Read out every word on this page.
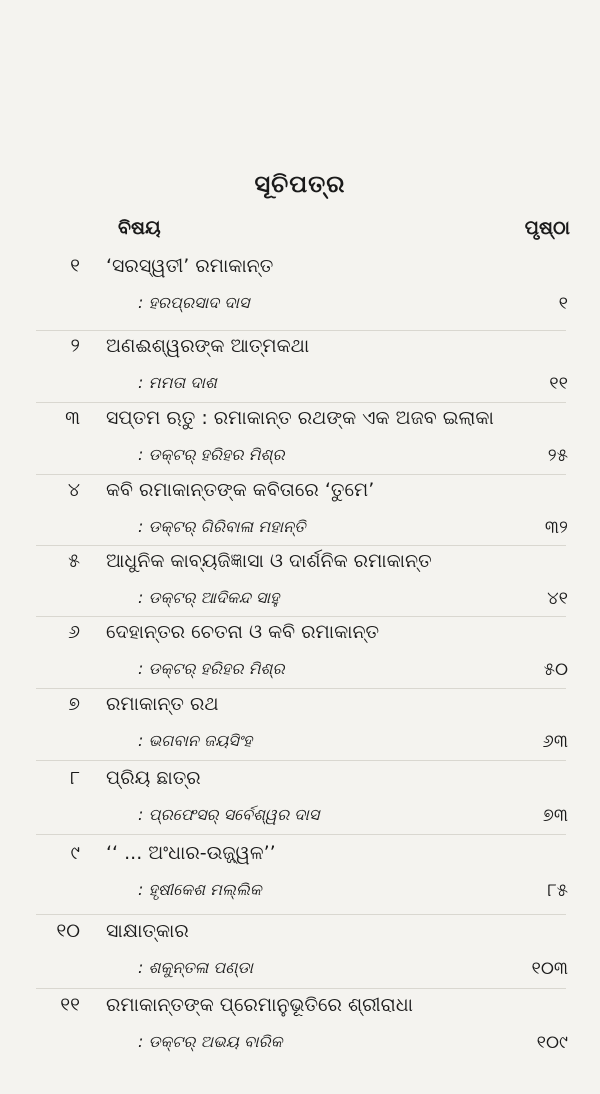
ସୂଚିପତ୍ର
ବିଷୟ	ପୃଷ୍ଠା
୧ ‘ସରସ୍ୱତୀ’ ରମାକାନ୍ତ
: ହରପ୍ରସାଦ ଦାସ	୧
୨ ଅଣଈଶ୍ୱରଙ୍କ ଆତ୍ମକଥା
: ମମତା ଦାଶ	୧୧
୩ ସପ୍ତମ ଋତୁ : ରମାକାନ୍ତ ରଥଙ୍କ ଏକ ଅଜବ ଇଲାକା
: ଡକ୍ଟର୍ ହରିହର ମିଶ୍ର	୨୫
୪ କବି ରମାକାନ୍ତଙ୍କ କବିତାରେ ‘ତୁମେ’
: ଡକ୍ଟର୍ ଗିରିବାଳା ମହାନ୍ତି	୩୨
୫ ଆଧୁନିକ କାବ୍ୟଜିଜ୍ଞାସା ଓ ଦାର୍ଶନିକ ରମାକାନ୍ତ
: ଡକ୍ଟର୍ ଆଦିକନ୍ଦ ସାହୁ	୪୧
୬ ଦେହାନ୍ତର ଚେତନା ଓ କବି ରମାକାନ୍ତ
: ଡକ୍ଟର୍ ହରିହର ମିଶ୍ର	୫୦
୭ ରମାକାନ୍ତ ରଥ
: ଭଗବାନ ଜୟସିଂହ	୬୩
୮ ପ୍ରିୟ ଛାତ୍ର
: ପ୍ରଫେସର୍ ସର୍ବେଶ୍ୱର ଦାସ	୭୩
୯ ‘‘ ... ଅଂଧାର-ଉଜ୍ଜ୍ୱଳ’’
: ହୃଷୀକେଶ ମଲ୍ଲିକ	୮୫
୧୦ ସାକ୍ଷାତ୍କାର
: ଶକୁନ୍ତଳା ପଣ୍ଡା	୧୦୩
୧୧ ରମାକାନ୍ତଙ୍କ ପ୍ରେମାନୁଭୂତିରେ ଶ୍ରୀରାଧା
: ଡକ୍ଟର୍ ଅଭୟ ବାରିକ	୧୦୯
